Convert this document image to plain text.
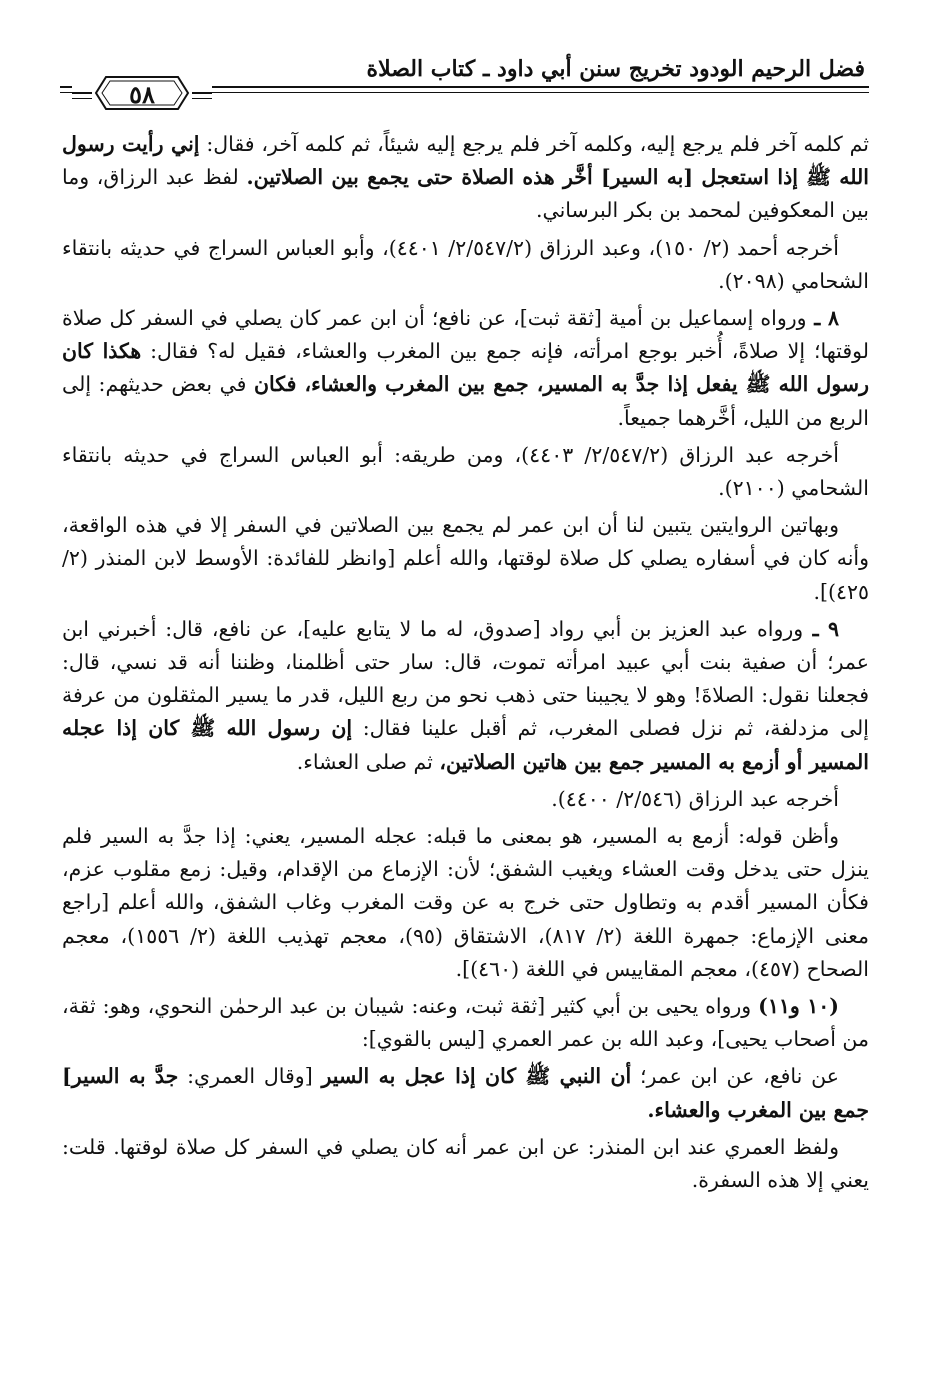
فضل الرحيم الودود تخريج سنن أبي داود ـ كتاب الصلاة
٥٨

ثم كلمه آخر فلم يرجع إليه، وكلمه آخر فلم يرجع إليه شيئاً، ثم كلمه آخر، فقال: إني رأيت رسول الله ﷺ إذا استعجل [به السير] أخَّر هذه الصلاة حتى يجمع بين الصلاتين. لفظ عبد الرزاق، وما بين المعكوفين لمحمد بن بكر البرساني.

أخرجه أحمد (٢/ ١٥٠)، وعبد الرزاق (٢/٥٤٧/٢/ ٤٤٠١)، وأبو العباس السراج في حديثه بانتقاء الشحامي (٢٠٩٨).

٨ ـ ورواه إسماعيل بن أمية [ثقة ثبت]، عن نافع؛ أن ابن عمر كان يصلي في السفر كل صلاة لوقتها؛ إلا صلاةً، أُخبر بوجع امرأته، فإنه جمع بين المغرب والعشاء، فقيل له؟ فقال: هكذا كان رسول الله ﷺ يفعل إذا جدَّ به المسير، جمع بين المغرب والعشاء، فكان في بعض حديثهم: إلى الربع من الليل، أخَّرهما جميعاً.

أخرجه عبد الرزاق (٢/٥٤٧/٢/ ٤٤٠٣)، ومن طريقه: أبو العباس السراج في حديثه بانتقاء الشحامي (٢١٠٠).

وبهاتين الروايتين يتبين لنا أن ابن عمر لم يجمع بين الصلاتين في السفر إلا في هذه الواقعة، وأنه كان في أسفاره يصلي كل صلاة لوقتها، والله أعلم [وانظر للفائدة: الأوسط لابن المنذر (٢/ ٤٢٥)].

٩ ـ ورواه عبد العزيز بن أبي رواد [صدوق، له ما لا يتابع عليه]، عن نافع، قال: أخبرني ابن عمر؛ أن صفية بنت أبي عبيد امرأته تموت، قال: سار حتى أظلمنا، وظننا أنه قد نسي، قال: فجعلنا نقول: الصلاةَ! وهو لا يجيبنا حتى ذهب نحو من ربع الليل، قدر ما يسير المثقلون من عرفة إلى مزدلفة، ثم نزل فصلى المغرب، ثم أقبل علينا فقال: إن رسول الله ﷺ كان إذا عجله المسير أو أزمع به المسير جمع بين هاتين الصلاتين، ثم صلى العشاء.

أخرجه عبد الرزاق (٢/٥٤٦/ ٤٤٠٠).

وأظن قوله: أزمع به المسير، هو بمعنى ما قبله: عجله المسير، يعني: إذا جدَّ به السير فلم ينزل حتى يدخل وقت العشاء ويغيب الشفق؛ لأن: الإزماع من الإقدام، وقيل: زمع مقلوب عزم، فكأن المسير أقدم به وتطاول حتى خرج به عن وقت المغرب وغاب الشفق، والله أعلم [راجع معنى الإزماع: جمهرة اللغة (٢/ ٨١٧)، الاشتقاق (٩٥)، معجم تهذيب اللغة (٢/ ١٥٥٦)، معجم الصحاح (٤٥٧)، معجم المقاييس في اللغة (٤٦٠)].

(١٠ و١١) ورواه يحيى بن أبي كثير [ثقة ثبت، وعنه: شيبان بن عبد الرحمٰن النحوي، وهو: ثقة، من أصحاب يحيى]، وعبد الله بن عمر العمري [ليس بالقوي]:

عن نافع، عن ابن عمر؛ أن النبي ﷺ كان إذا عجل به السير [وقال العمري: جدَّ به السير] جمع بين المغرب والعشاء.

ولفظ العمري عند ابن المنذر: عن ابن عمر أنه كان يصلي في السفر كل صلاة لوقتها. قلت: يعني إلا هذه السفرة.
